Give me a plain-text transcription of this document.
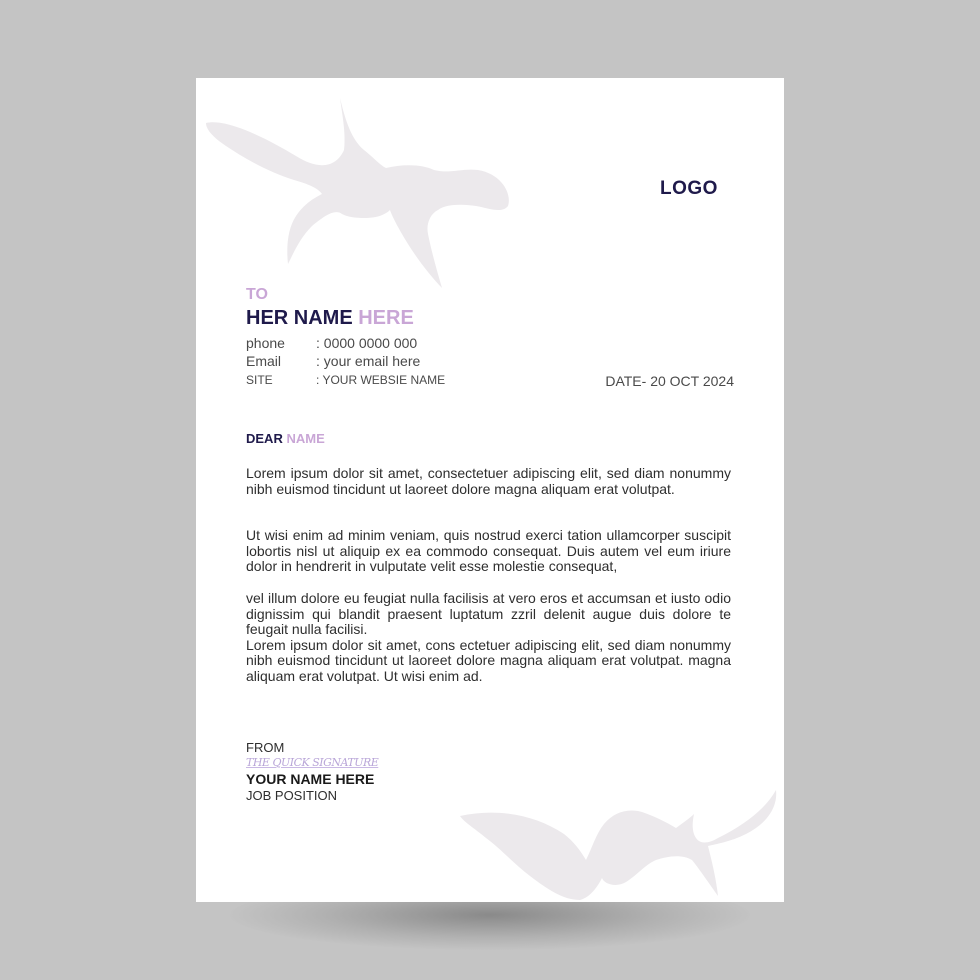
LOGO
TO
HER NAME HERE
phone : 0000 0000 000
Email : your email here
SITE	: YOUR WEBSIE NAME	DATE- 20 OCT 2024
DEAR NAME
Lorem ipsum dolor sit amet, consectetuer adipiscing elit, sed diam nonummy nibh euismod tincidunt ut laoreet dolore magna aliquam erat volutpat.
Ut wisi enim ad minim veniam, quis nostrud exerci tation ullamcorper suscipit lobortis nisl ut aliquip ex ea commodo consequat. Duis autem vel eum iriure dolor in hendrerit in vulputate velit esse molestie consequat,
vel illum dolore eu feugiat nulla facilisis at vero eros et accumsan et iusto odio dignissim qui blandit praesent luptatum zzril delenit augue duis dolore te feugait nulla facilisi.
Lorem ipsum dolor sit amet, cons ectetuer adipiscing elit, sed diam nonummy nibh euismod tincidunt ut laoreet dolore magna aliquam erat volutpat. magna aliquam erat volutpat. Ut wisi enim ad.
FROM
THE QUICK SIGNATURE
YOUR NAME HERE
JOB POSITION
